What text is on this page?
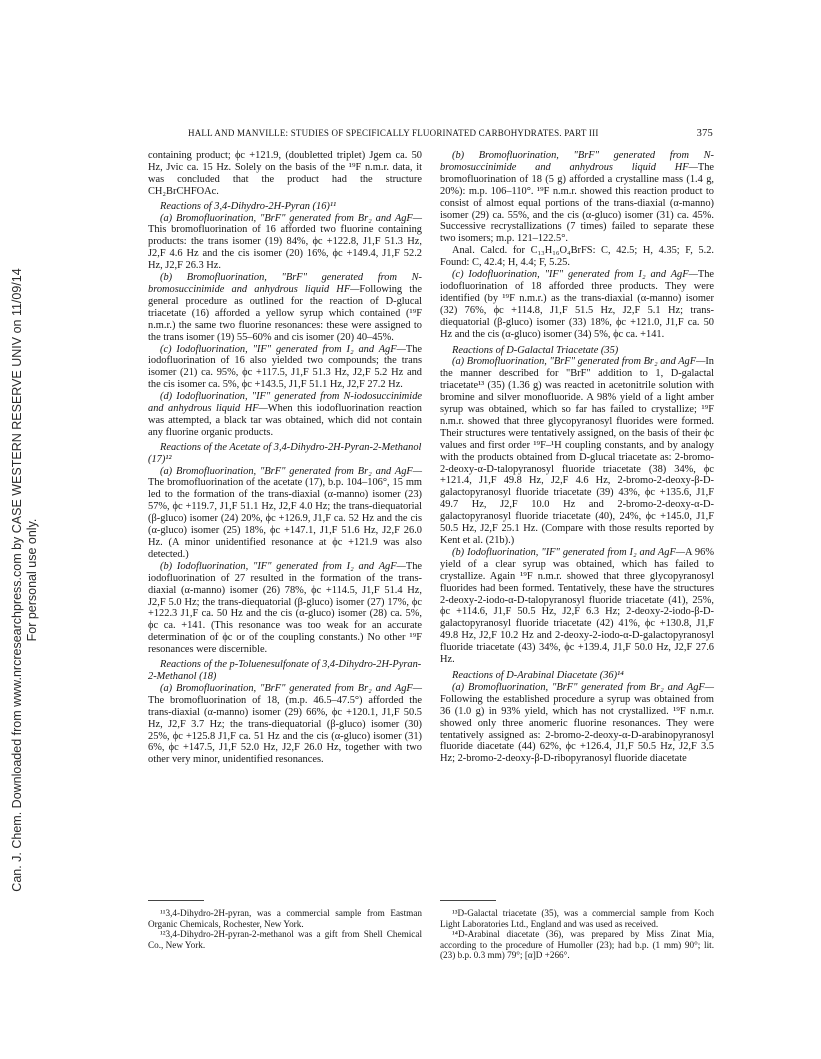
Can. J. Chem. Downloaded from www.nrcresearchpress.com by CASE WESTERN RESERVE UNIV on 11/09/14 For personal use only.
HALL AND MANVILLE: STUDIES OF SPECIFICALLY FLUORINATED CARBOHYDRATES. PART III	375

containing product; ϕc +121.9, (doubletted triplet) Jgem ca. 50 Hz, Jvic ca. 15 Hz. Solely on the basis of the ¹⁹F n.m.r. data, it was concluded that the product had the structure CH₂BrCHFOAc.

Reactions of 3,4-Dihydro-2H-Pyran (16)¹¹

(a) Bromofluorination, "BrF" generated from Br₂ and AgF—This bromofluorination of 16 afforded two fluorine containing products: the trans isomer (19) 84%, ϕc +122.8, J1,F 51.3 Hz, J2,F 4.6 Hz and the cis isomer (20) 16%, ϕc +149.4, J1,F 52.2 Hz, J2,F 26.3 Hz.

(b) Bromofluorination, "BrF" generated from N-bromosuccinimide and anhydrous liquid HF—Following the general procedure as outlined for the reaction of D-glucal triacetate (16) afforded a yellow syrup which contained (¹⁹F n.m.r.) the same two fluorine resonances: these were assigned to the trans isomer (19) 55–60% and cis isomer (20) 40–45%.

(c) Iodofluorination, "IF" generated from I₂ and AgF—The iodofluorination of 16 also yielded two compounds; the trans isomer (21) ca. 95%, ϕc +117.5, J1,F 51.3 Hz, J2,F 5.2 Hz and the cis isomer ca. 5%, ϕc +143.5, J1,F 51.1 Hz, J2,F 27.2 Hz.

(d) Iodofluorination, "IF" generated from N-iodosuccinimide and anhydrous liquid HF—When this iodofluorination reaction was attempted, a black tar was obtained, which did not contain any fluorine organic products.

Reactions of the Acetate of 3,4-Dihydro-2H-Pyran-2-Methanol (17)¹²

(a) Bromofluorination, "BrF" generated from Br₂ and AgF—The bromofluorination of the acetate (17), b.p. 104–106°, 15 mm led to the formation of the trans-diaxial (α-manno) isomer (23) 57%, ϕc +119.7, J1,F 51.1 Hz, J2,F 4.0 Hz; the trans-diequatorial (β-gluco) isomer (24) 20%, ϕc +126.9, J1,F ca. 52 Hz and the cis (α-gluco) isomer (25) 18%, ϕc +147.1, J1,F 51.6 Hz, J2,F 26.0 Hz. (A minor unidentified resonance at ϕc +121.9 was also detected.)

(b) Iodofluorination, "IF" generated from I₂ and AgF—The iodofluorination of 27 resulted in the formation of the trans-diaxial (α-manno) isomer (26) 78%, ϕc +114.5, J1,F 51.4 Hz, J2,F 5.0 Hz; the trans-diequatorial (β-gluco) isomer (27) 17%, ϕc +122.3 J1,F ca. 50 Hz and the cis (α-gluco) isomer (28) ca. 5%, ϕc ca. +141. (This resonance was too weak for an accurate determination of ϕc or of the coupling constants.) No other ¹⁹F resonances were discernible.

Reactions of the p-Toluenesulfonate of 3,4-Dihydro-2H-Pyran-2-Methanol (18)

(a) Bromofluorination, "BrF" generated from Br₂ and AgF—The bromofluorination of 18, (m.p. 46.5–47.5°) afforded the trans-diaxial (α-manno) isomer (29) 66%, ϕc +120.1, J1,F 50.5 Hz, J2,F 3.7 Hz; the trans-diequatorial (β-gluco) isomer (30) 25%, ϕc +125.8 J1,F ca. 51 Hz and the cis (α-gluco) isomer (31) 6%, ϕc +147.5, J1,F 52.0 Hz, J2,F 26.0 Hz, together with two other very minor, unidentified resonances.

(b) Bromofluorination, "BrF" generated from N-bromosuccinimide and anhydrous liquid HF—The bromofluorination of 18 (5 g) afforded a crystalline mass (1.4 g, 20%): m.p. 106–110°. ¹⁹F n.m.r. showed this reaction product to consist of almost equal portions of the trans-diaxial (α-manno) isomer (29) ca. 55%, and the cis (α-gluco) isomer (31) ca. 45%. Successive recrystallizations (7 times) failed to separate these two isomers; m.p. 121–122.5°.

Anal. Calcd. for C₁₃H₁₆O₄BrFS: C, 42.5; H, 4.35; F, 5.2. Found: C, 42.4; H, 4.4; F, 5.25.

(c) Iodofluorination, "IF" generated from I₂ and AgF—The iodofluorination of 18 afforded three products. They were identified (by ¹⁹F n.m.r.) as the trans-diaxial (α-manno) isomer (32) 76%, ϕc +114.8, J1,F 51.5 Hz, J2,F 5.1 Hz; trans-diequatorial (β-gluco) isomer (33) 18%, ϕc +121.0, J1,F ca. 50 Hz and the cis (α-gluco) isomer (34) 5%, ϕc ca. +141.

Reactions of D-Galactal Triacetate (35)

(a) Bromofluorination, "BrF" generated from Br₂ and AgF—In the manner described for "BrF" addition to 1, D-galactal triacetate¹³ (35) (1.36 g) was reacted in acetonitrile solution with bromine and silver monofluoride. A 98% yield of a light amber syrup was obtained, which so far has failed to crystallize; ¹⁹F n.m.r. showed that three glycopyranosyl fluorides were formed. Their structures were tentatively assigned, on the basis of their ϕc values and first order ¹⁹F–¹H coupling constants, and by analogy with the products obtained from D-glucal triacetate as: 2-bromo-2-deoxy-α-D-talopyranosyl fluoride triacetate (38) 34%, ϕc +121.4, J1,F 49.8 Hz, J2,F 4.6 Hz, 2-bromo-2-deoxy-β-D-galactopyranosyl fluoride triacetate (39) 43%, ϕc +135.6, J1,F 49.7 Hz, J2,F 10.0 Hz and 2-bromo-2-deoxy-α-D-galactopyranosyl fluoride triacetate (40), 24%, ϕc +145.0, J1,F 50.5 Hz, J2,F 25.1 Hz. (Compare with those results reported by Kent et al. (21b).)

(b) Iodofluorination, "IF" generated from I₂ and AgF—A 96% yield of a clear syrup was obtained, which has failed to crystallize. Again ¹⁹F n.m.r. showed that three glycopyranosyl fluorides had been formed. Tentatively, these have the structures 2-deoxy-2-iodo-α-D-talopyranosyl fluoride triacetate (41), 25%, ϕc +114.6, J1,F 50.5 Hz, J2,F 6.3 Hz; 2-deoxy-2-iodo-β-D-galactopyranosyl fluoride triacetate (42) 41%, ϕc +130.8, J1,F 49.8 Hz, J2,F 10.2 Hz and 2-deoxy-2-iodo-α-D-galactopyranosyl fluoride triacetate (43) 34%, ϕc +139.4, J1,F 50.0 Hz, J2,F 27.6 Hz.

Reactions of D-Arabinal Diacetate (36)¹⁴

(a) Bromofluorination, "BrF" generated from Br₂ and AgF—Following the established procedure a syrup was obtained from 36 (1.0 g) in 93% yield, which has not crystallized. ¹⁹F n.m.r. showed only three anomeric fluorine resonances. They were tentatively assigned as: 2-bromo-2-deoxy-α-D-arabinopyranosyl fluoride diacetate (44) 62%, ϕc +126.4, J1,F 50.5 Hz, J2,F 3.5 Hz; 2-bromo-2-deoxy-β-D-ribopyranosyl fluoride diacetate

¹¹3,4-Dihydro-2H-pyran, was a commercial sample from Eastman Organic Chemicals, Rochester, New York.

¹²3,4-Dihydro-2H-pyran-2-methanol was a gift from Shell Chemical Co., New York.

¹³D-Galactal triacetate (35), was a commercial sample from Koch Light Laboratories Ltd., England and was used as received.

¹⁴D-Arabinal diacetate (36), was prepared by Miss Zinat Mia, according to the procedure of Humoller (23); had b.p. (1 mm) 90°; lit. (23) b.p. 0.3 mm) 79°; [α]D +266°.
